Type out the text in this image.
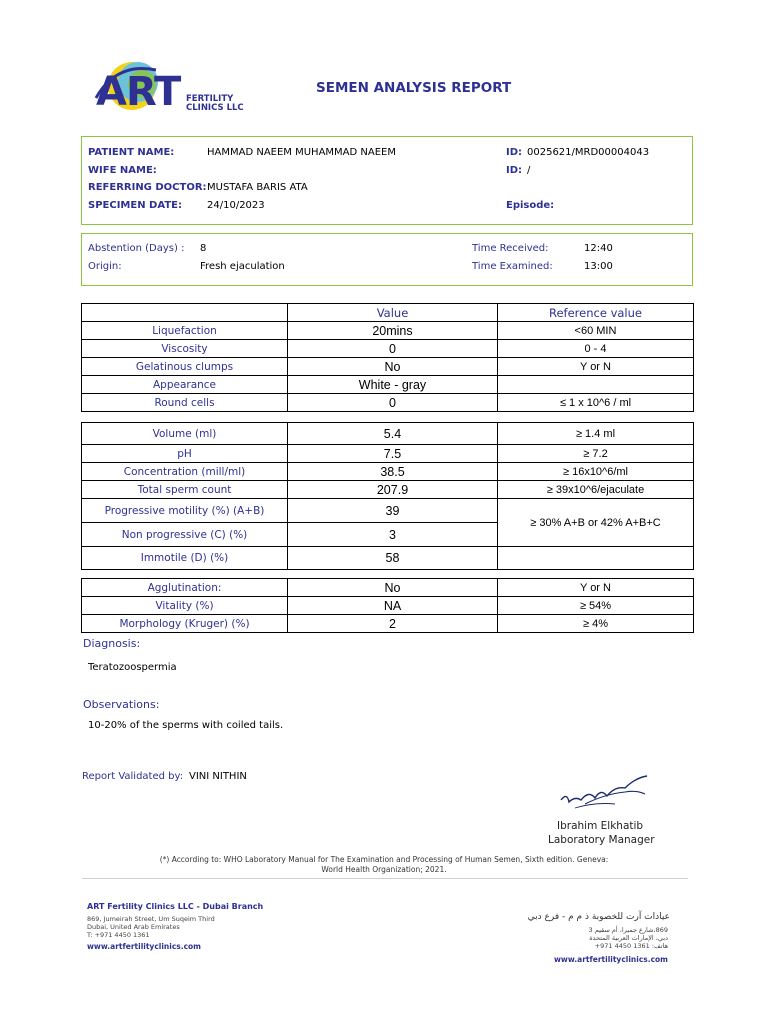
ART FERTILITY
CLINICS LLC
SEMEN ANALYSIS REPORT
PATIENT NAME:	HAMMAD NAEEM MUHAMMAD NAEEM
WIFE NAME:
REFERRING DOCTOR: MUSTAFA BARIS ATA
SPECIMEN DATE:	24/10/2023
ID: 0025621/MRD00004043
ID: /
Episode:
Abstention (Days) : 8
Origin:	Fresh ejaculation
Time Received:	12:40
Time Examined:	13:00
	Value	Reference value
Liquefaction	20mins	<60 MIN
Viscosity	0	0 - 4
Gelatinous clumps	No	Y or N
Appearance	White - gray	
Round cells	0	≤ 1 x 10^6 / ml
Volume (ml)	5.4	≥ 1.4 ml
pH	7.5	≥ 7.2
Concentration (mill/ml)	38.5	≥ 16x10^6/ml
Total sperm count	207.9	≥ 39x10^6/ejaculate
Progressive motility (%) (A+B)	39	≥ 30% A+B or 42% A+B+C
Non progressive (C) (%)	3	
Immotile (D) (%)	58	
Agglutination:	No	Y or N
Vitality (%)	NA	≥ 54%
Morphology (Kruger) (%)	2	≥ 4%
Diagnosis:
Teratozoospermia
Observations:
10-20% of the sperms with coiled tails.
Report Validated by: VINI NITHIN
Ibrahim Elkhatib
Laboratory Manager
(*) According to: WHO Laboratory Manual for The Examination and Processing of Human Semen, Sixth edition. Geneva:
World Health Organization; 2021.
ART Fertility Clinics LLC - Dubai Branch
869, Jumeirah Street, Um Suqeim Third
Dubai, United Arab Emirates
T: +971 4450 1361
www.artfertilityclinics.com
عيادات آرت للخصوبة ذ م م - فرع دبي
869،شارع جميرا، أم سقيم 3
دبي، الإمارات العربية المتحدة
هاتف: 1361 4450 971+
www.artfertilityclinics.com
